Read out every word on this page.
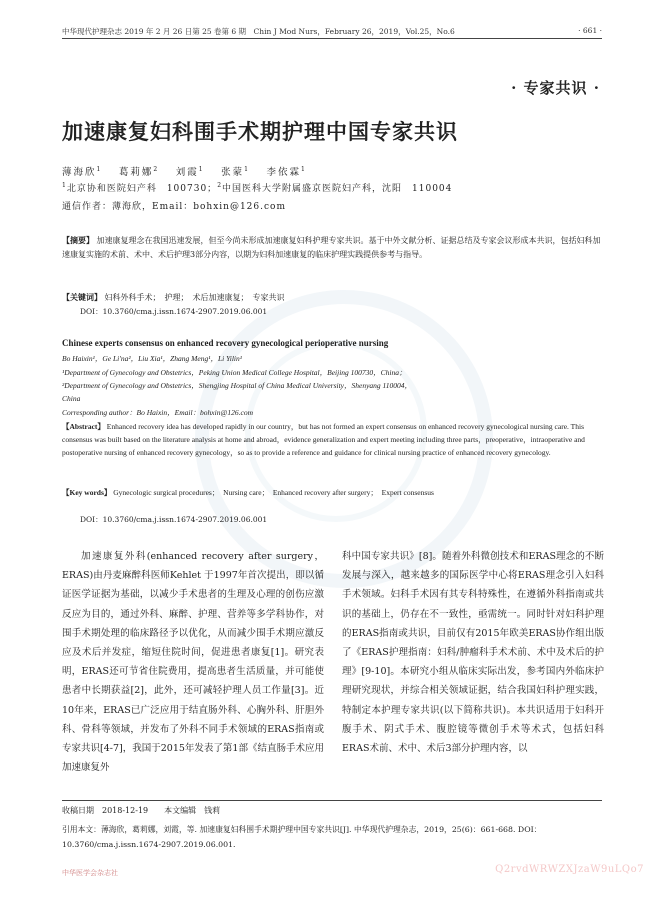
中华现代护理杂志 2019 年 2 月 26 日第 25 卷第 6 期　Chin J Mod Nurs，February 26，2019，Vol.25，No.6	· 661 ·
· 专家共识 ·
加速康复妇科围手术期护理中国专家共识
薄海欣$^1$　 葛莉娜$^2$　 刘霞$^1$　 张蒙$^1$　 李依霖$^1$
$^1$北京协和医院妇产科　100730；$^2$中国医科大学附属盛京医院妇产科，沈阳　110004
通信作者：薄海欣，Email：bohxin@126.com
【摘要】 加速康复理念在我国迅速发展，但至今尚未形成加速康复妇科护理专家共识。基于中外文献分析、证据总结及专家会议形成本共识，包括妇科加速康复实施的术前、术中、术后护理3部分内容，以期为妇科加速康复的临床护理实践提供参考与指导。
【关键词】 妇科外科手术；　护理；　术后加速康复；　专家共识
DOI：10.3760/cma.j.issn.1674-2907.2019.06.001
Chinese experts consensus on enhanced recovery gynecological perioperative nursing
Bo Haixin¹，Ge Li'na²，Liu Xia¹，Zhang Meng¹，Li Yilin¹
¹Department of Gynecology and Obstetrics，Peking Union Medical College Hospital，Beijing 100730，China；
²Department of Gynecology and Obstetrics，Shengjing Hospital of China Medical University，Shenyang 110004，
China
Corresponding author：Bo Haixin，Email：bohxin@126.com
【Abstract】 Enhanced recovery idea has developed rapidly in our country，but has not formed an expert consensus on enhanced recovery gynecological nursing care. This consensus was built based on the literature analysis at home and abroad，evidence generalization and expert meeting including three parts，preoperative，intraoperative and postoperative nursing of enhanced recovery gynecology，so as to provide a reference and guidance for clinical nursing practice of enhanced recovery gynecology.
【Key words】 Gynecologic surgical procedures；　Nursing care；　Enhanced recovery after surgery；　Expert consensus
DOI：10.3760/cma.j.issn.1674-2907.2019.06.001

加速康复外科(enhanced recovery after surgery，ERAS)由丹麦麻醉科医师Kehlet 于1997年首次提出，即以循证医学证据为基础，以减少手术患者的生理及心理的创伤应激反应为目的，通过外科、麻醉、护理、营养等多学科协作，对围手术期处理的临床路径予以优化，从而减少围手术期应激反应及术后并发症，缩短住院时间，促进患者康复[1]。研究表明，ERAS还可节省住院费用，提高患者生活质量，并可能使患者中长期获益[2]，此外，还可减轻护理人员工作量[3]。近10年来，ERAS已广泛应用于结直肠外科、心胸外科、肝胆外科、骨科等领域，并发布了外科不同手术领域的ERAS指南或专家共识[4-7]，我国于2015年发表了第1部《结直肠手术应用加速康复外

科中国专家共识》[8]。随着外科微创技术和ERAS理念的不断发展与深入，越来越多的国际医学中心将ERAS理念引入妇科手术领域。妇科手术因有其专科特殊性，在遵循外科指南或共识的基础上，仍存在不一致性，亟需统一。同时针对妇科护理的ERAS指南或共识，目前仅有2015年欧美ERAS协作组出版了《ERAS护理指南：妇科/肿瘤科手术术前、术中及术后的护理》[9-10]。本研究小组从临床实际出发，参考国内外临床护理研究现状，并综合相关领域证据，结合我国妇科护理实践，特制定本护理专家共识(以下简称共识)。本共识适用于妇科开腹手术、阴式手术、腹腔镜等微创手术等术式，包括妇科ERAS术前、术中、术后3部分护理内容，以

收稿日期　2018-12-19　　本文编辑　钱莉
引用本文：薄海欣，葛莉娜，刘霞，等. 加速康复妇科围手术期护理中国专家共识[J]. 中华现代护理杂志，2019，25(6)：661-668. DOI：10.3760/cma.j.issn.1674-2907.2019.06.001.
中华医学会杂志社	Q2rvdWRWZXJzaW9uLQo7
